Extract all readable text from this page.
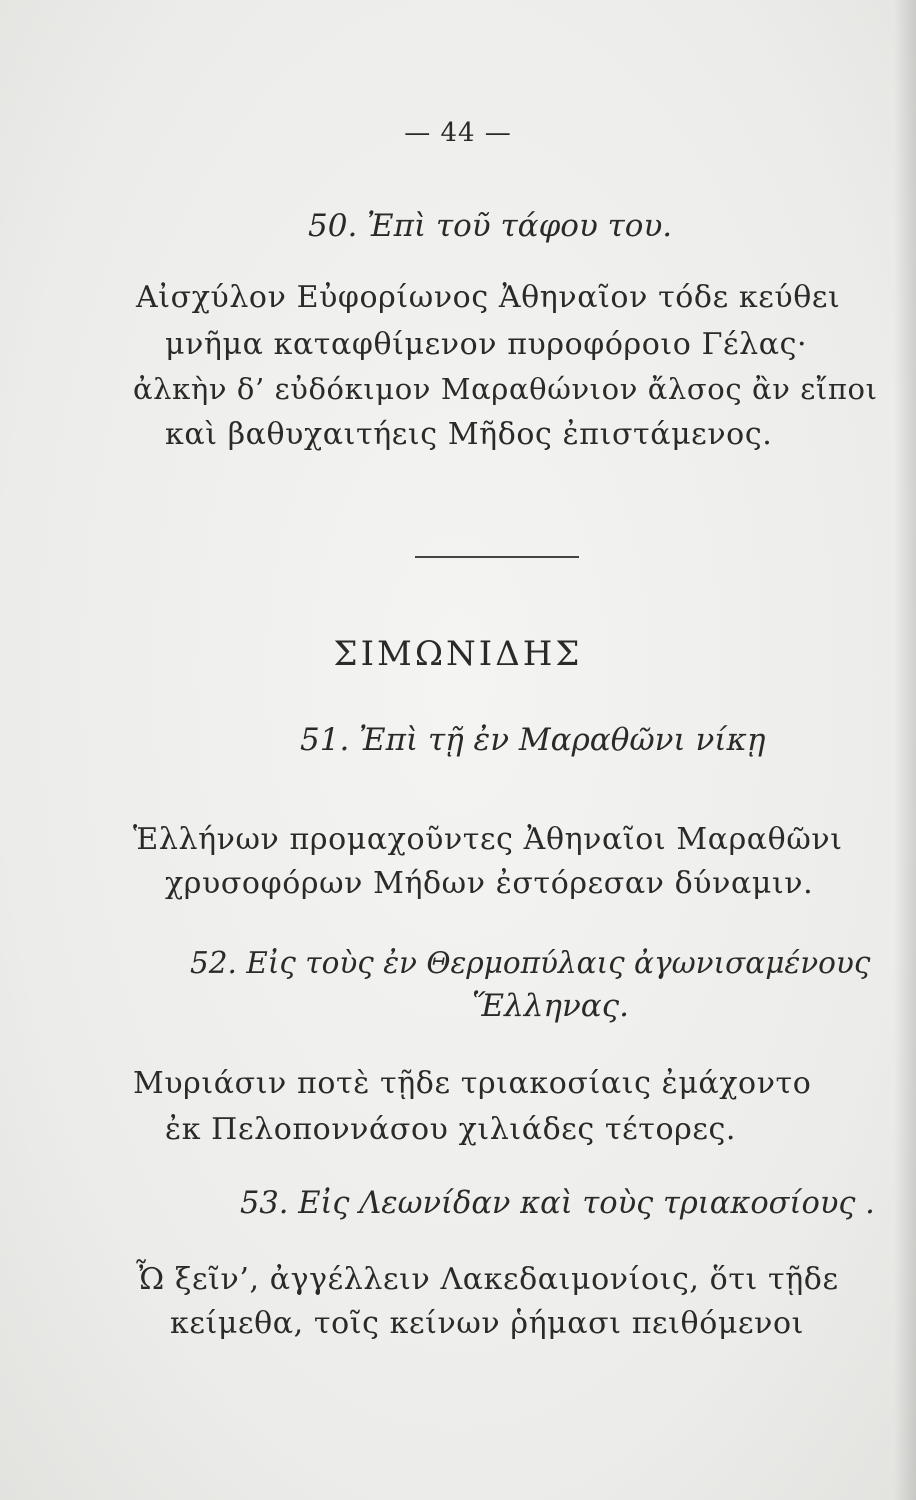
— 44 —
50. Ἐπὶ τοῦ τάφου του.
Αἰσχύλον Εὐφορίωνος Ἀθηναῖον τόδε κεύθει
μνῆμα καταφθίμενον πυροφόροιο Γέλας·
ἀλκὴν δ’ εὐδόκιμον Μαραθώνιον ἄλσος ἂν εἴποι
καὶ βαθυχαιτήεις Μῆδος ἐπιστάμενος.
ΣΙΜΩΝΙΔΗΣ
51. Ἐπὶ τῇ ἐν Μαραθῶνι νίκῃ
Ἑλλήνων προμαχοῦντες Ἀθηναῖοι Μαραθῶνι
χρυσοφόρων Μήδων ἐστόρεσαν δύναμιν.
52. Εἰς τοὺς ἐν Θερμοπύλαις ἀγωνισαμένους
Ἕλληνας.
Μυριάσιν ποτὲ τῇδε τριακοσίαις ἐμάχοντο
ἐκ Πελοποννάσου χιλιάδες τέτορες.
53. Εἰς Λεωνίδαν καὶ τοὺς τριακοσίους .
Ὦ ξεῖν’, ἀγγέλλειν Λακεδαιμονίοις, ὅτι τῇδε
κείμεθα, τοῖς κείνων ῥήμασι πειθόμενοι
